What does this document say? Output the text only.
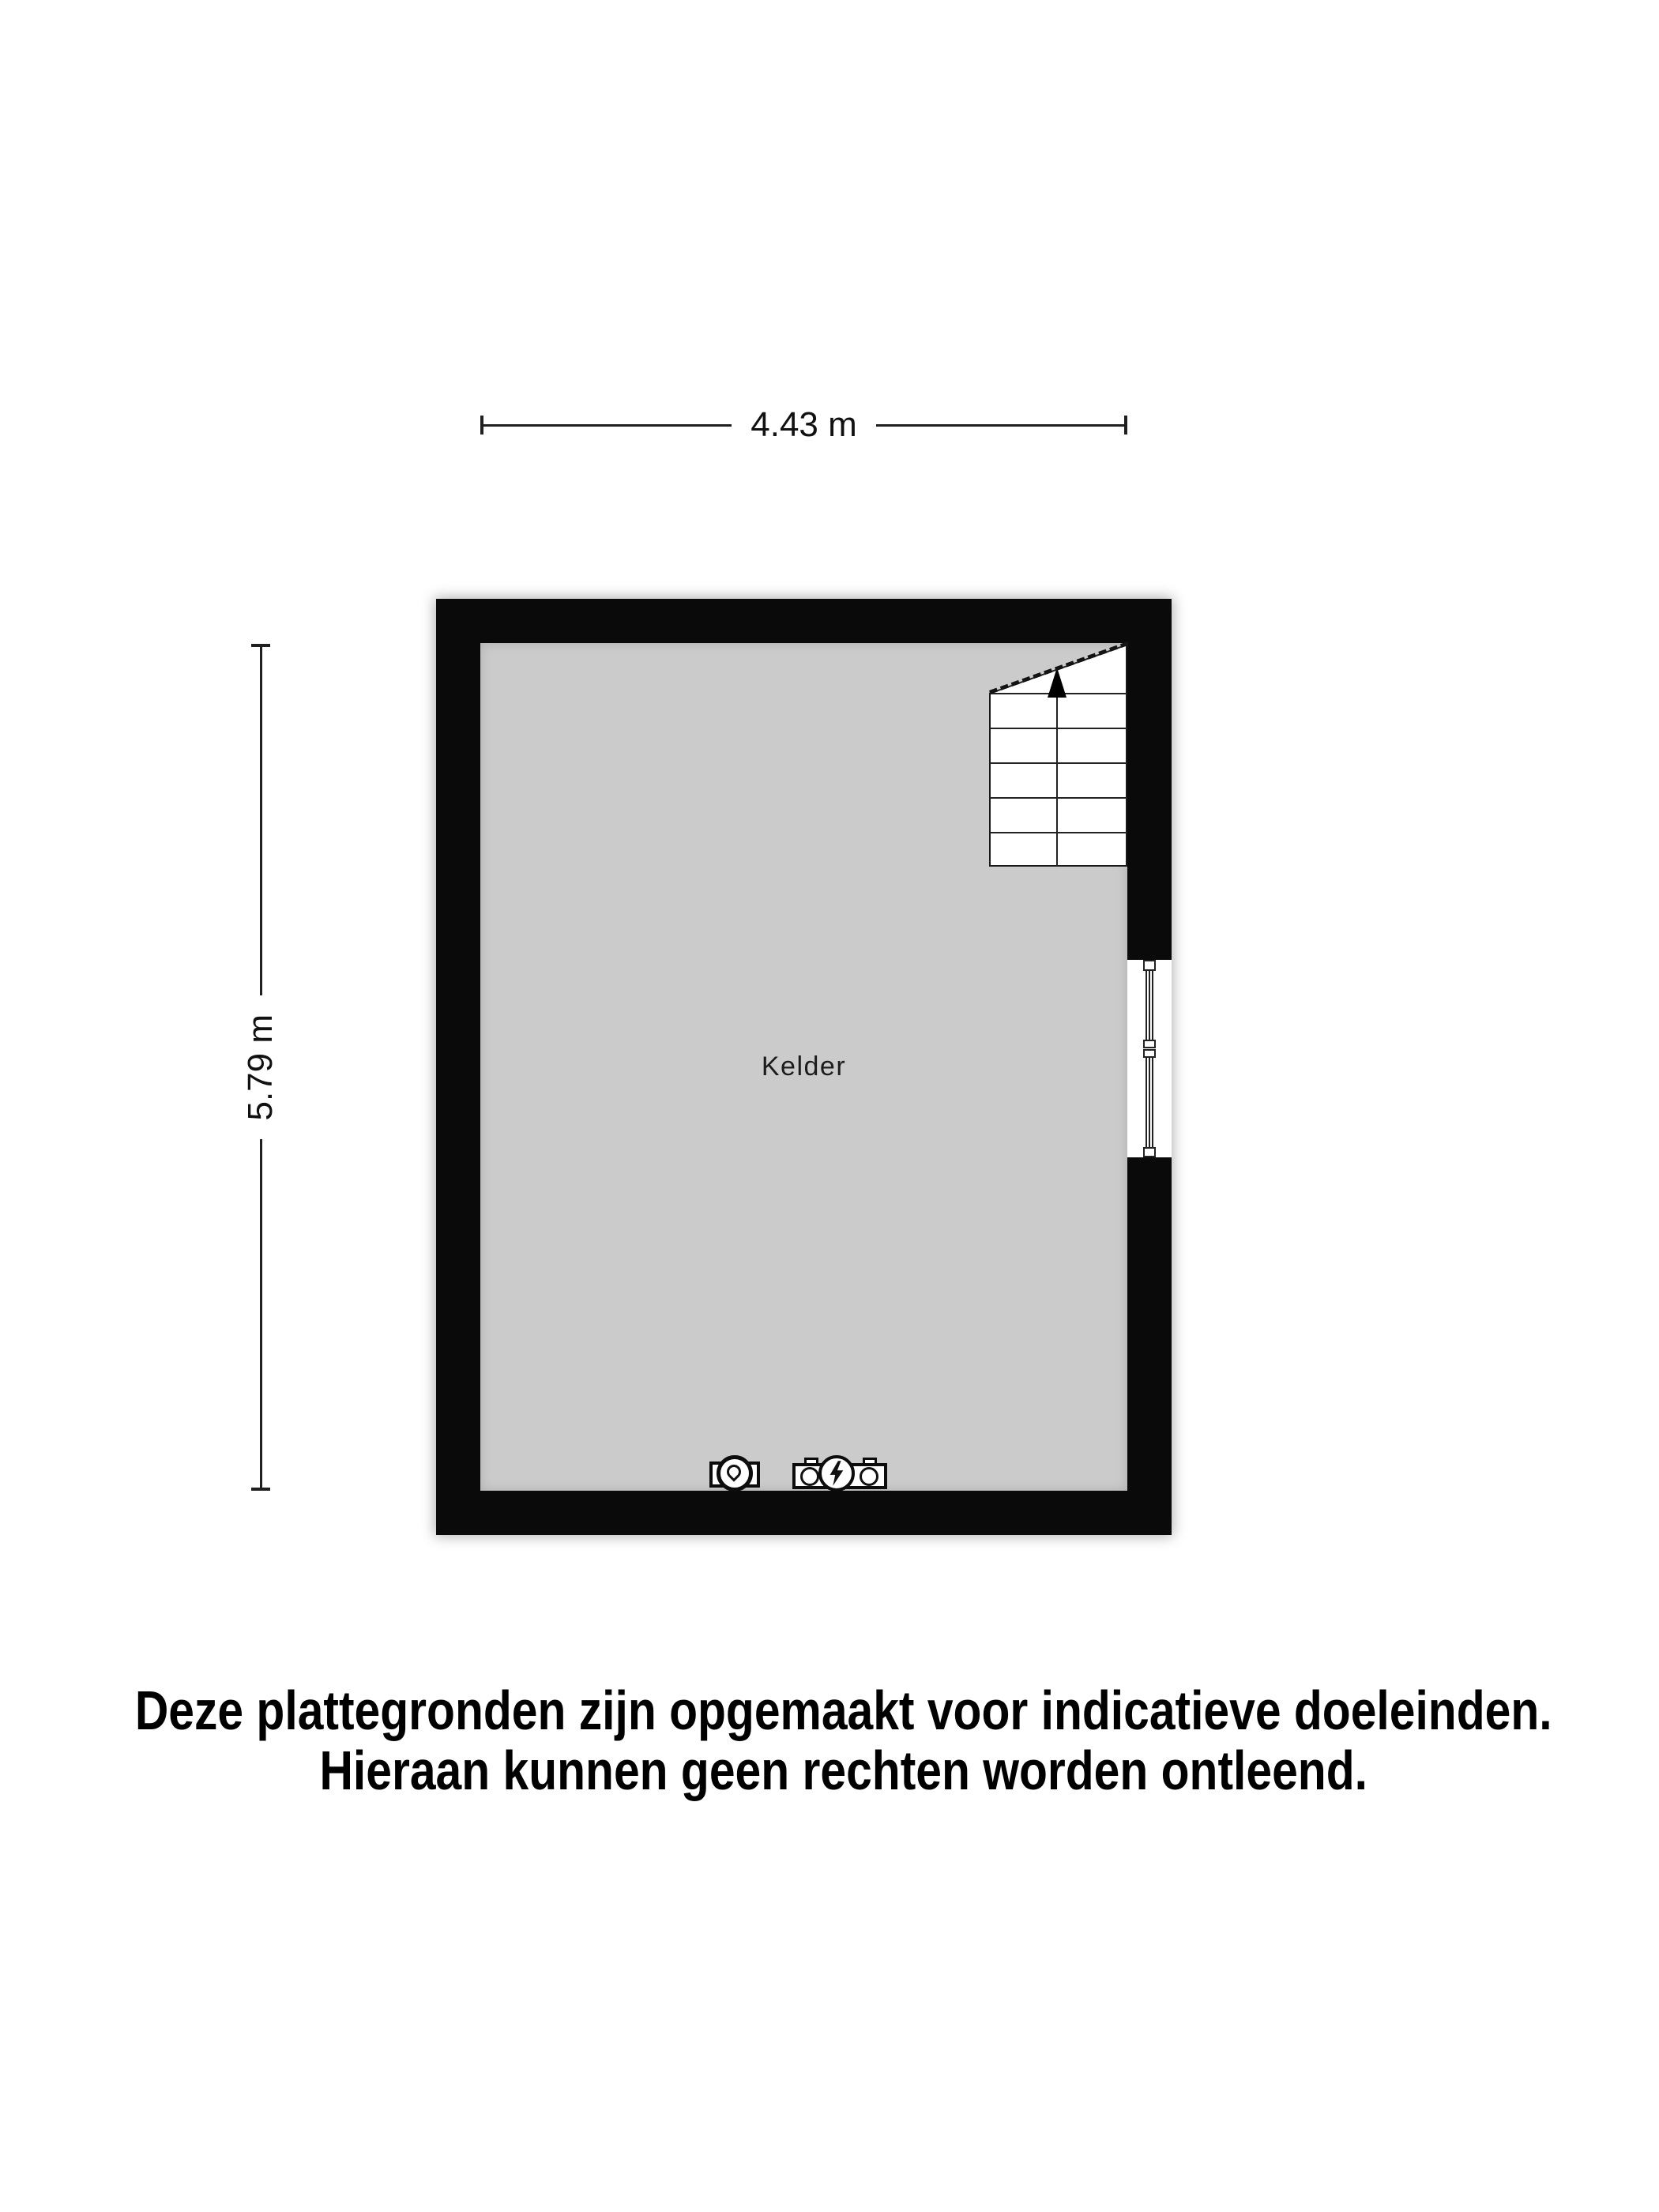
4.43 m
5.79 m	Kelder
Deze plattegronden zijn opgemaakt voor indicatieve doeleinden.
Hieraan kunnen geen rechten worden ontleend.
